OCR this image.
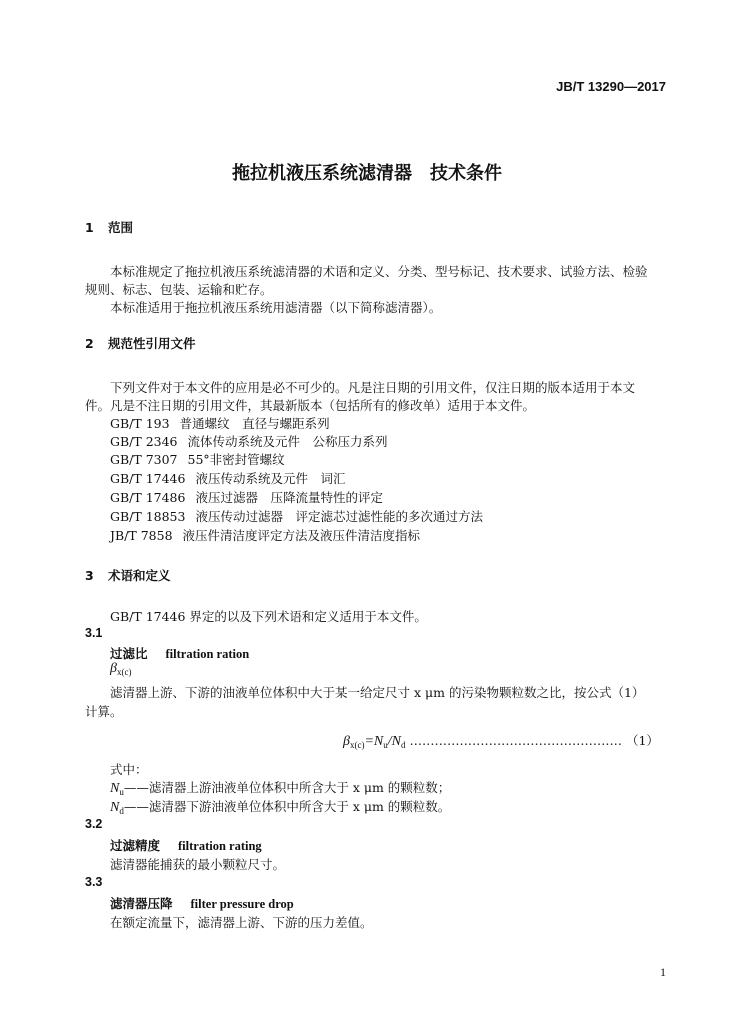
JB/T 13290—2017
拖拉机液压系统滤清器　技术条件
1 范围
本标准规定了拖拉机液压系统滤清器的术语和定义、分类、型号标记、技术要求、试验方法、检验
规则、标志、包装、运输和贮存。
本标准适用于拖拉机液压系统用滤清器（以下简称滤清器）。
2 规范性引用文件
下列文件对于本文件的应用是必不可少的。凡是注日期的引用文件，仅注日期的版本适用于本文
件。凡是不注日期的引用文件，其最新版本（包括所有的修改单）适用于本文件。
GB/T 193 普通螺纹　直径与螺距系列
GB/T 2346 流体传动系统及元件　公称压力系列
GB/T 7307 55°非密封管螺纹
GB/T 17446 液压传动系统及元件　词汇
GB/T 17486 液压过滤器　压降流量特性的评定
GB/T 18853 液压传动过滤器　评定滤芯过滤性能的多次通过方法
JB/T 7858 液压件清洁度评定方法及液压件清洁度指标
3 术语和定义
GB/T 17446 界定的以及下列术语和定义适用于本文件。
3.1
过滤比 filtration ration
$\beta_{x(c)}$
滤清器上游、下游的油液单位体积中大于某一给定尺寸 x μm 的污染物颗粒数之比，按公式（1）
计算。
$\beta_{x(c)}=N_u/N_d$ …………………………………………… （1）
式中：
$N_u——$滤清器上游油液单位体积中所含大于 x μm 的颗粒数；
$N_d——$滤清器下游油液单位体积中所含大于 x μm 的颗粒数。
3.2
过滤精度 filtration rating
滤清器能捕获的最小颗粒尺寸。
3.3
滤清器压降 filter pressure drop
在额定流量下，滤清器上游、下游的压力差值。
1
